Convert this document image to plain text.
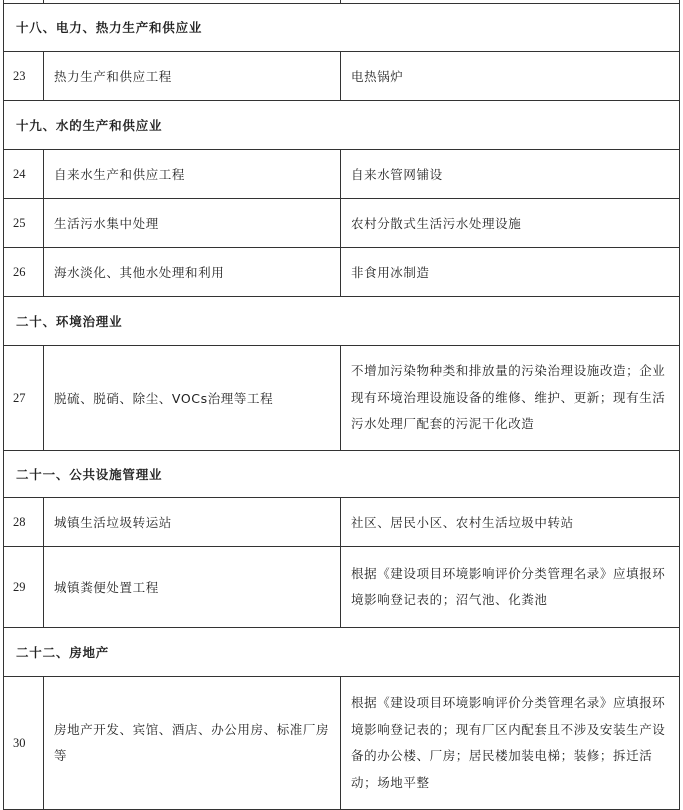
十八、电力、热力生产和供应业		
23	热力生产和供应工程	电热锅炉
十九、水的生产和供应业		
24	自来水生产和供应工程	自来水管网铺设
25	生活污水集中处理	农村分散式生活污水处理设施
26	海水淡化、其他水处理和利用	非食用冰制造
二十、环境治理业		
27	脱硫、脱硝、除尘、VOCs治理等工程	不增加污染物种类和排放量的污染治理设施改造；企业现有环境治理设施设备的维修、维护、更新；现有生活污水处理厂配套的污泥干化改造
二十一、公共设施管理业		
28	城镇生活垃圾转运站	社区、居民小区、农村生活垃圾中转站
29	城镇粪便处置工程	根据《建设项目环境影响评价分类管理名录》应填报环境影响登记表的；沼气池、化粪池
二十二、房地产		
30	房地产开发、宾馆、酒店、办公用房、标准厂房等	根据《建设项目环境影响评价分类管理名录》应填报环境影响登记表的；现有厂区内配套且不涉及安装生产设备的办公楼、厂房；居民楼加装电梯；装修；拆迁活动；场地平整
